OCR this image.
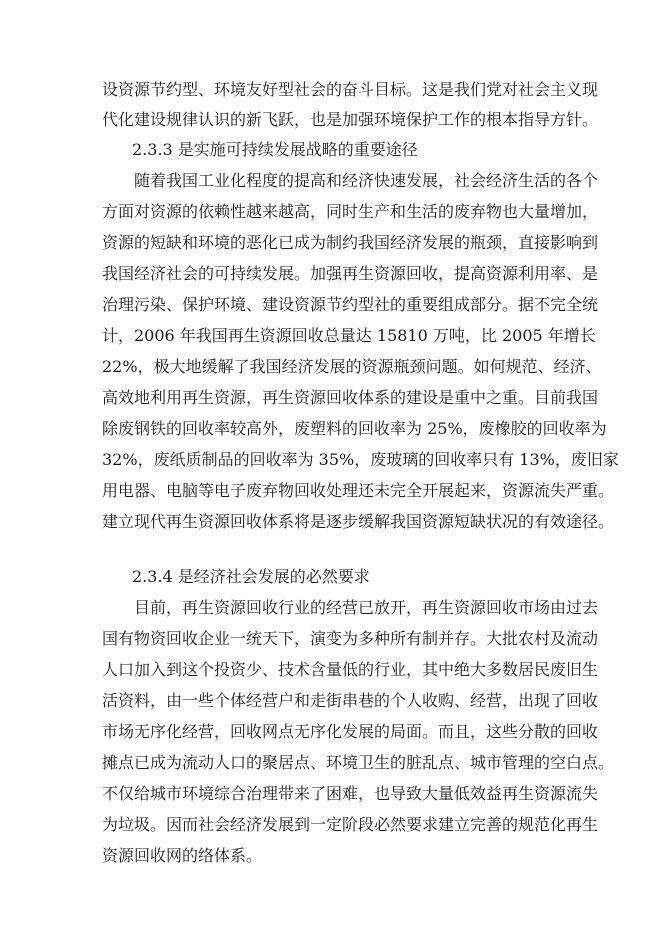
设资源节约型、环境友好型社会的奋斗目标。这是我们党对社会主义现
代化建设规律认识的新飞跃，也是加强环境保护工作的根本指导方针。
2.3.3 是实施可持续发展战略的重要途径
随着我国工业化程度的提高和经济快速发展，社会经济生活的各个
方面对资源的依赖性越来越高，同时生产和生活的废弃物也大量增加，
资源的短缺和环境的恶化已成为制约我国经济发展的瓶颈，直接影响到
我国经济社会的可持续发展。加强再生资源回收，提高资源利用率、是
治理污染、保护环境、建设资源节约型社的重要组成部分。据不完全统
计，2006 年我国再生资源回收总量达 15810 万吨，比 2005 年增长
22%，极大地缓解了我国经济发展的资源瓶颈问题。如何规范、经济、
高效地利用再生资源，再生资源回收体系的建设是重中之重。目前我国
除废钢铁的回收率较高外，废塑料的回收率为 25%，废橡胶的回收率为
32%，废纸质制品的回收率为 35%，废玻璃的回收率只有 13%，废旧家
用电器、电脑等电子废弃物回收处理还未完全开展起来，资源流失严重。
建立现代再生资源回收体系将是逐步缓解我国资源短缺状况的有效途径。
2.3.4 是经济社会发展的必然要求
目前，再生资源回收行业的经营已放开，再生资源回收市场由过去
国有物资回收企业一统天下，演变为多种所有制并存。大批农村及流动
人口加入到这个投资少、技术含量低的行业，其中绝大多数居民废旧生
活资料，由一些个体经营户和走街串巷的个人收购、经营，出现了回收
市场无序化经营，回收网点无序化发展的局面。而且，这些分散的回收
摊点已成为流动人口的聚居点、环境卫生的脏乱点、城市管理的空白点。
不仅给城市环境综合治理带来了困难，也导致大量低效益再生资源流失
为垃圾。因而社会经济发展到一定阶段必然要求建立完善的规范化再生
资源回收网的络体系。
